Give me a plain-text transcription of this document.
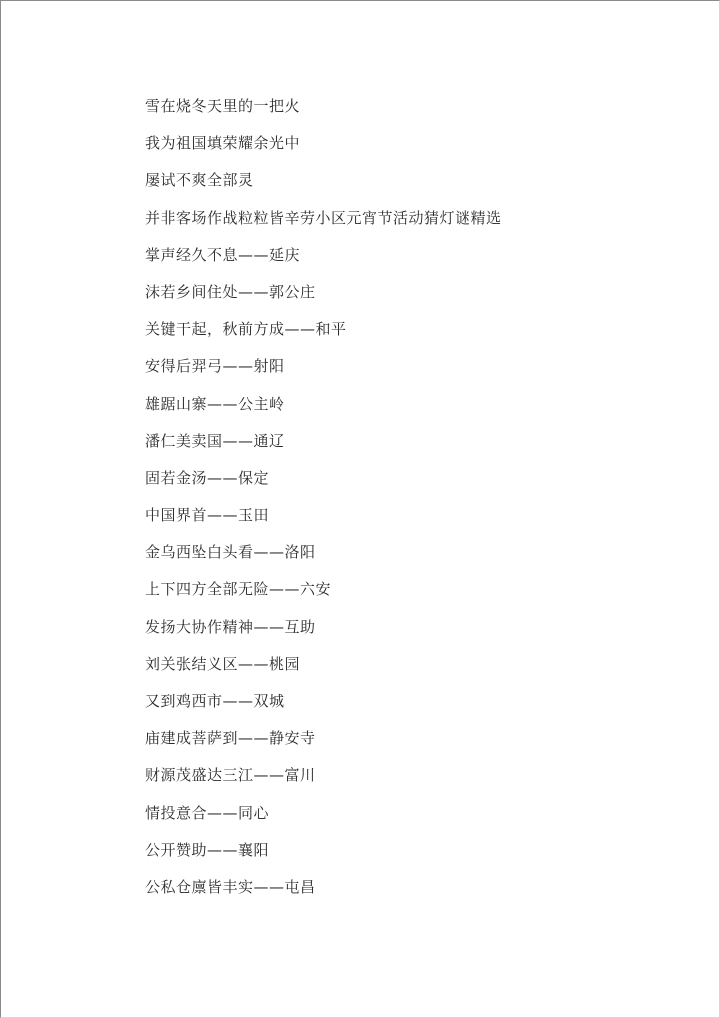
雪在烧冬天里的一把火
我为祖国填荣耀余光中
屡试不爽全部灵
并非客场作战粒粒皆辛劳小区元宵节活动猜灯谜精选
掌声经久不息——延庆
沫若乡间住处——郭公庄
关键干起，秋前方成——和平
安得后羿弓——射阳
雄踞山寨——公主岭
潘仁美卖国——通辽
固若金汤——保定
中国界首——玉田
金乌西坠白头看——洛阳
上下四方全部无险——六安
发扬大协作精神——互助
刘关张结义区——桃园
又到鸡西市——双城
庙建成菩萨到——静安寺
财源茂盛达三江——富川
情投意合——同心
公开赞助——襄阳
公私仓廪皆丰实——屯昌
